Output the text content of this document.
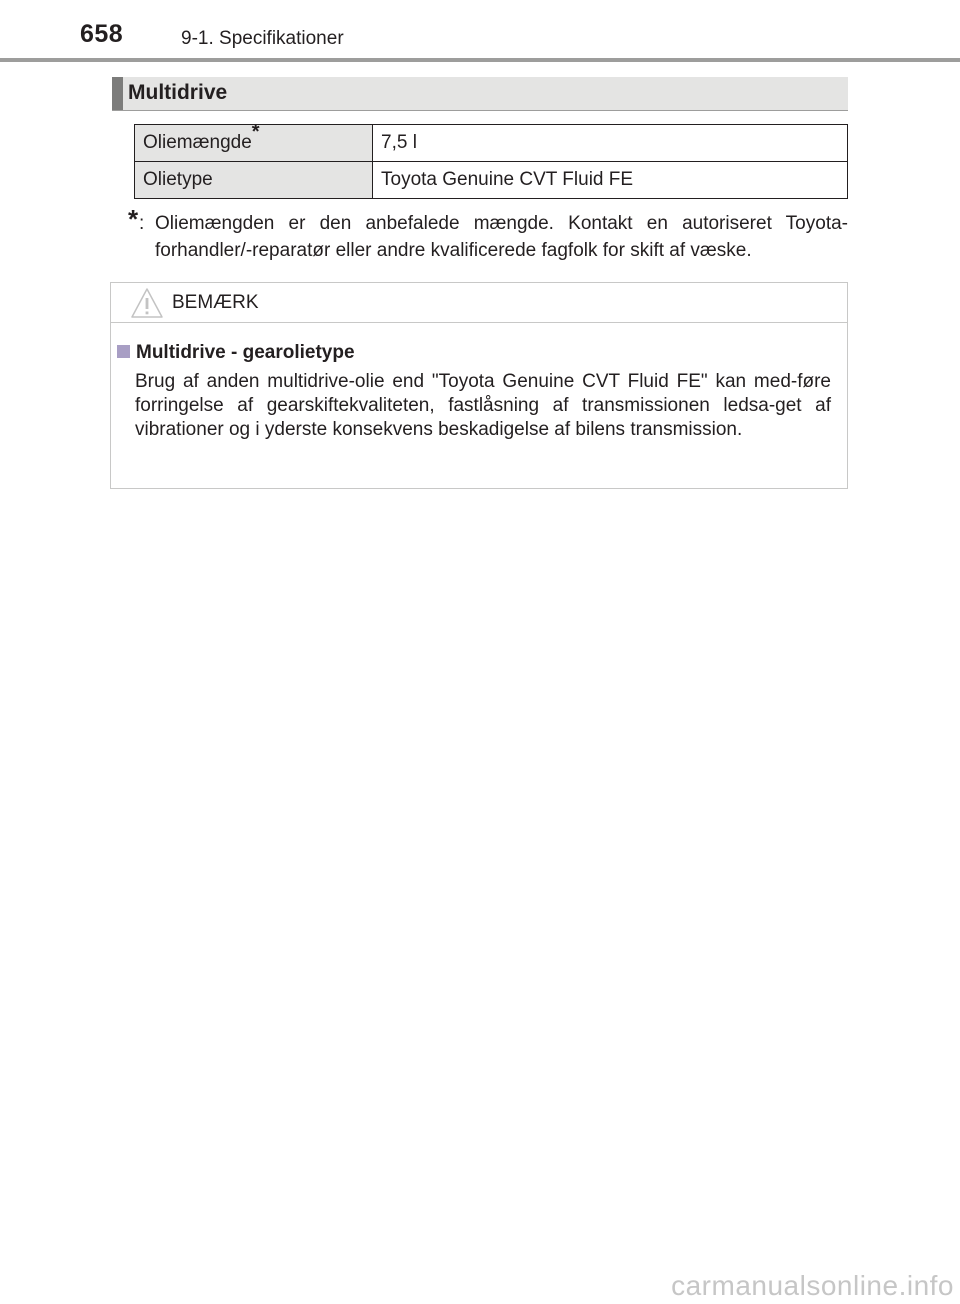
658	9-1. Specifikationer
Multidrive
Oliemængde*	7,5 l
Olietype	Toyota Genuine CVT Fluid FE
* : Oliemængden er den anbefalede mængde. Kontakt en autoriseret Toyota-forhandler/-reparatør eller andre kvalificerede fagfolk for skift af væske.
BEMÆRK
Multidrive - gearolietype
Brug af anden multidrive-olie end "Toyota Genuine CVT Fluid FE" kan med-føre forringelse af gearskiftekvaliteten, fastlåsning af transmissionen ledsa-get af vibrationer og i yderste konsekvens beskadigelse af bilens transmission.
carmanualsonline.info
